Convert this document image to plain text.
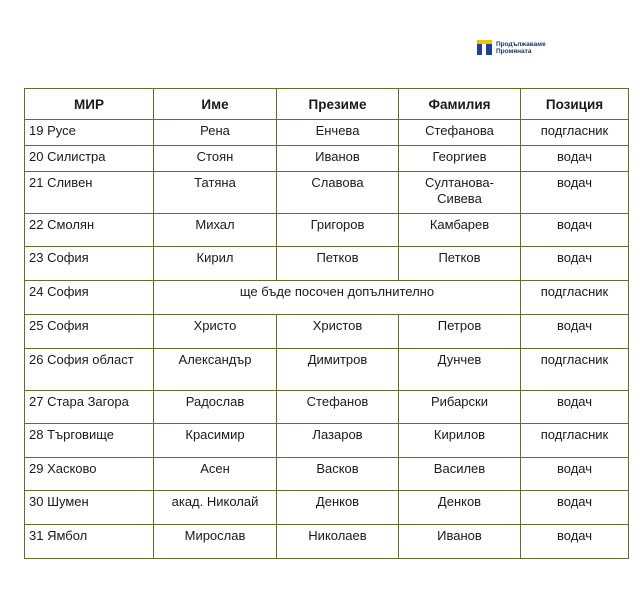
Продължаваме
Промяната
МИР	Име	Презиме	Фамилия	Позиция
19 Русе	Рена	Енчева	Стефанова	подгласник
20 Силистра	Стоян	Иванов	Георгиев	водач
21 Сливен	Татяна	Славова	Султанова-Сивева	водач
22 Смолян	Михал	Григоров	Камбарев	водач
23 София	Кирил	Петков	Петков	водач
24 София	ще бъде посочен допълнително			подгласник
25 София	Христо	Христов	Петров	водач
26 София област	Александър	Димитров	Дунчев	подгласник
27 Стара Загора	Радослав	Стефанов	Рибарски	водач
28 Търговище	Красимир	Лазаров	Кирилов	подгласник
29 Хасково	Асен	Васков	Василев	водач
30 Шумен	акад. Николай	Денков	Денков	водач
31 Ямбол	Мирослав	Николаев	Иванов	водач
